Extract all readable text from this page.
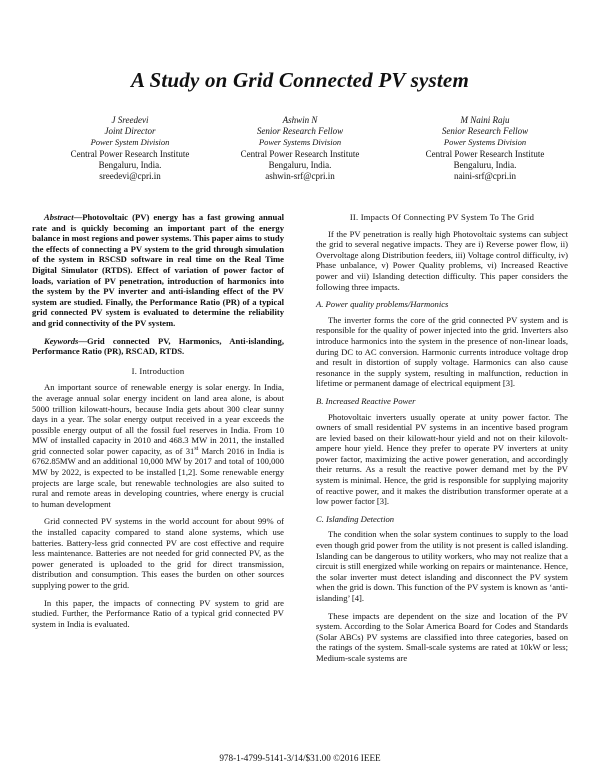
A Study on Grid Connected PV system
J Sreedevi
Joint Director
Power System Division
Central Power Research Institute
Bengaluru, India.
sreedevi@cpri.in
Ashwin N
Senior Research Fellow
Power Systems Division
Central Power Research Institute
Bengaluru, India.
ashwin-srf@cpri.in
M Naini Raju
Senior Research Fellow
Power Systems Division
Central Power Research Institute
Bengaluru, India.
naini-srf@cpri.in

Abstract—Photovoltaic (PV) energy has a fast growing annual rate and is quickly becoming an important part of the energy balance in most regions and power systems. This paper aims to study the effects of connecting a PV system to the grid through simulation of the system in RSCSD software in real time on the Real Time Digital Simulator (RTDS). Effect of variation of power factor of loads, variation of PV penetration, introduction of harmonics into the system by the PV inverter and anti-islanding effect of the PV system are studied. Finally, the Performance Ratio (PR) of a typical grid connected PV system is evaluated to determine the reliability and grid connectivity of the PV system.

Keywords—Grid connected PV, Harmonics, Anti-islanding, Performance Ratio (PR), RSCAD, RTDS.

I. Introduction

An important source of renewable energy is solar energy. In India, the average annual solar energy incident on land area alone, is about 5000 trillion kilowatt-hours, because India gets about 300 clear sunny days in a year. The solar energy output received in a year exceeds the possible energy output of all the fossil fuel reserves in India. From 10 MW of installed capacity in 2010 and 468.3 MW in 2011, the installed grid connected solar power capacity, as of 31st March 2016 in India is 6762.85MW and an additional 10,000 MW by 2017 and total of 100,000 MW by 2022, is expected to be installed [1,2]. Some renewable energy projects are large scale, but renewable technologies are also suited to rural and remote areas in developing countries, where energy is crucial to human development

Grid connected PV systems in the world account for about 99% of the installed capacity compared to stand alone systems, which use batteries. Battery-less grid connected PV are cost effective and require less maintenance. Batteries are not needed for grid connected PV, as the power generated is uploaded to the grid for direct transmission, distribution and consumption. This eases the burden on other sources supplying power to the grid.

In this paper, the impacts of connecting PV system to grid are studied. Further, the Performance Ratio of a typical grid connected PV system in India is evaluated.

II. Impacts Of Connecting PV System To The Grid

If the PV penetration is really high Photovoltaic systems can subject the grid to several negative impacts. They are i) Reverse power flow, ii) Overvoltage along Distribution feeders, iii) Voltage control difficulty, iv) Phase unbalance, v) Power Quality problems, vi) Increased Reactive power and vii) Islanding detection difficulty. This paper considers the following three impacts.

A. Power quality problems/Harmonics

The inverter forms the core of the grid connected PV system and is responsible for the quality of power injected into the grid. Inverters also introduce harmonics into the system in the presence of non-linear loads, during DC to AC conversion. Harmonic currents introduce voltage drop and result in distortion of supply voltage. Harmonics can also cause resonance in the supply system, resulting in malfunction, reduction in lifetime or permanent damage of electrical equipment [3].

B. Increased Reactive Power

Photovoltaic inverters usually operate at unity power factor. The owners of small residential PV systems in an incentive based program are levied based on their kilowatt-hour yield and not on their kilovolt-ampere hour yield. Hence they prefer to operate PV inverters at unity power factor, maximizing the active power generation, and accordingly their returns. As a result the reactive power demand met by the PV system is minimal. Hence, the grid is responsible for supplying majority of reactive power, and it makes the distribution transformer operate at a low power factor [3].

C. Islanding Detection

The condition when the solar system continues to supply to the load even though grid power from the utility is not present is called islanding. Islanding can be dangerous to utility workers, who may not realize that a circuit is still energized while working on repairs or maintenance. Hence, the solar inverter must detect islanding and disconnect the PV system when the grid is down. This function of the PV system is known as ‘anti-islanding’ [4].

These impacts are dependent on the size and location of the PV system. According to the Solar America Board for Codes and Standards (Solar ABCs) PV systems are classified into three categories, based on the ratings of the system. Small-scale systems are rated at 10kW or less; Medium-scale systems are

978-1-4799-5141-3/14/$31.00 ©2016 IEEE
